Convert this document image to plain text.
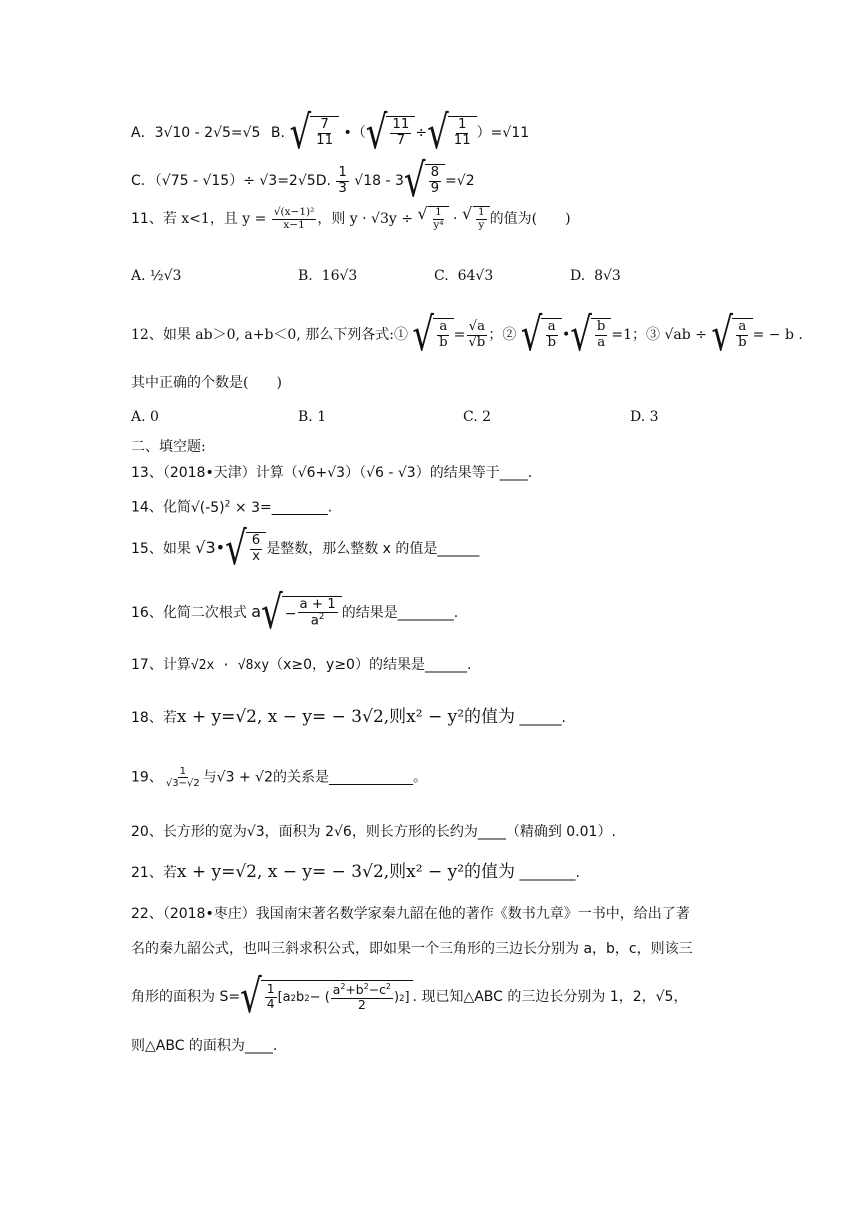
A．3√10 - 2√5=√5 B. √ $\frac{7}{11}$ •（ √ $\frac{11}{7}$ ÷ √ $\frac{1}{11} )=√11$
C．（√75 - √15）÷ √3=2√5D. $\frac{1}{3} √18 - 3$ √ $\frac{8}{9} =√2$
11、若 x<1，且 $y = \frac{\text{√(x−1)²}}{x-1}$ ，则 y · √3y ÷ √ $\frac{1}{\text{y⁴}}$ · √ $\frac{1}{y}$ 的值为(　　)
A. ½√3	B. 16√3	C. 64√3	D. 8√3
12、如果 ab＞0, a+b＜0, 那么下列各式:① √ $\frac{a}{b} = \frac{√a}{√b}$ ；② √ $\frac{a}{b}$ • √ $\frac{b}{a} =1$；③ √ab ÷ √ $\frac{a}{b}$ = − b .
其中正确的个数是(　　)
A. 0	B. 1	C. 2	D. 3
二、填空题:
13、（2018•天津）计算（√6+√3）（√6 - √3）的结果等于____.
14、化简$√(-5)^2$ × 3=________.
15、如果 √3• √ $\frac{6}{x}$ 是整数，那么整数 x 的值是______
16、化简二次根式 a √ − $\frac{a + 1}{a^2}$ 的结果是________.
17、计算√2x · √8xy（x≥0，y≥0）的结果是______.
18、若x + y=√2, x − y= − 3√2,则x² − y²的值为 ______.
19、 $\frac{1}{√3-√2}$ 与√3 + √2的关系是____________。
20、长方形的宽为√3，面积为 2√6，则长方形的长约为____（精确到 0.01）.
21、若x + y=√2, x − y= − 3√2,则x² − y²的值为 ________.
22、（2018•枣庄）我国南宋著名数学家秦九韶在他的著作《数书九章》一书中，给出了著
名的秦九韶公式，也叫三斜求积公式，即如果一个三角形的三边长分别为 a，b，c，则该三
角形的面积为 S= √ $\frac{1}{4} [a$ 2 b 2 − ( $\frac{a^2+b^2-c^2}{2}$ ) 2 ] . 现已知△ABC 的三边长分别为 1，2，√5，
则△ABC 的面积为____.
